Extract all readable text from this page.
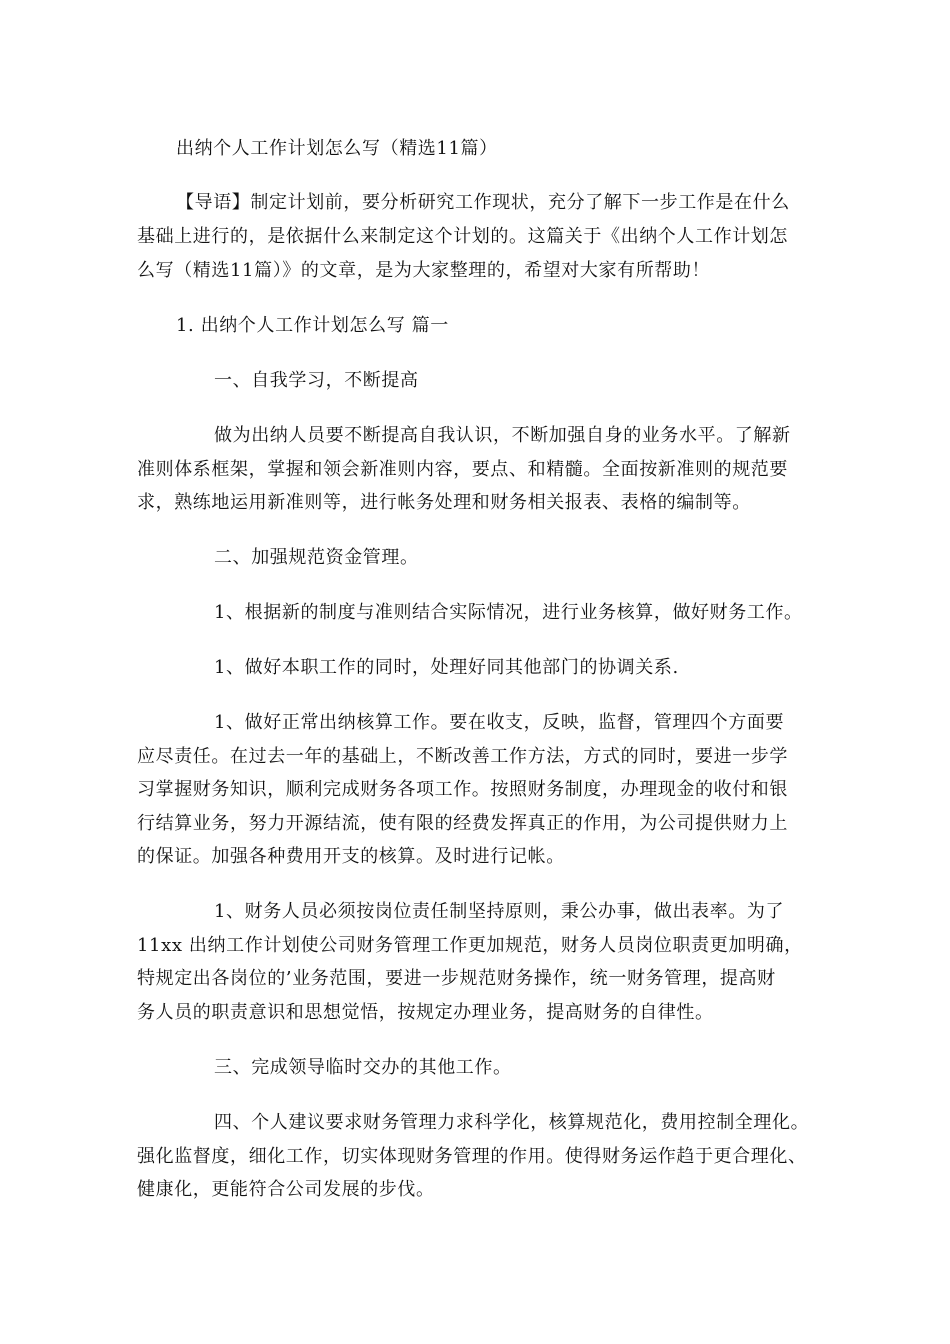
出纳个人工作计划怎么写（精选11篇）
【导语】制定计划前，要分析研究工作现状，充分了解下一步工作是在什么
基础上进行的，是依据什么来制定这个计划的。这篇关于《出纳个人工作计划怎
么写（精选11篇）》的文章，是为大家整理的，希望对大家有所帮助！
1. 出纳个人工作计划怎么写 篇一
一、自我学习，不断提高
做为出纳人员要不断提高自我认识，不断加强自身的业务水平。了解新
准则体系框架，掌握和领会新准则内容，要点、和精髓。全面按新准则的规范要
求，熟练地运用新准则等，进行帐务处理和财务相关报表、表格的编制等。
二、加强规范资金管理。
1、根据新的制度与准则结合实际情况，进行业务核算，做好财务工作。
1、做好本职工作的同时，处理好同其他部门的协调关系.
1、做好正常出纳核算工作。要在收支，反映，监督，管理四个方面要
应尽责任。在过去一年的基础上，不断改善工作方法，方式的同时，要进一步学
习掌握财务知识，顺利完成财务各项工作。按照财务制度，办理现金的收付和银
行结算业务，努力开源结流，使有限的经费发挥真正的作用，为公司提供财力上
的保证。加强各种费用开支的核算。及时进行记帐。
1、财务人员必须按岗位责任制坚持原则，秉公办事，做出表率。为了
11xx 出纳工作计划使公司财务管理工作更加规范，财务人员岗位职责更加明确，
特规定出各岗位的’业务范围，要进一步规范财务操作，统一财务管理，提高财
务人员的职责意识和思想觉悟，按规定办理业务，提高财务的自律性。
三、完成领导临时交办的其他工作。
四、个人建议要求财务管理力求科学化，核算规范化，费用控制全理化。
强化监督度，细化工作，切实体现财务管理的作用。使得财务运作趋于更合理化、
健康化，更能符合公司发展的步伐。
